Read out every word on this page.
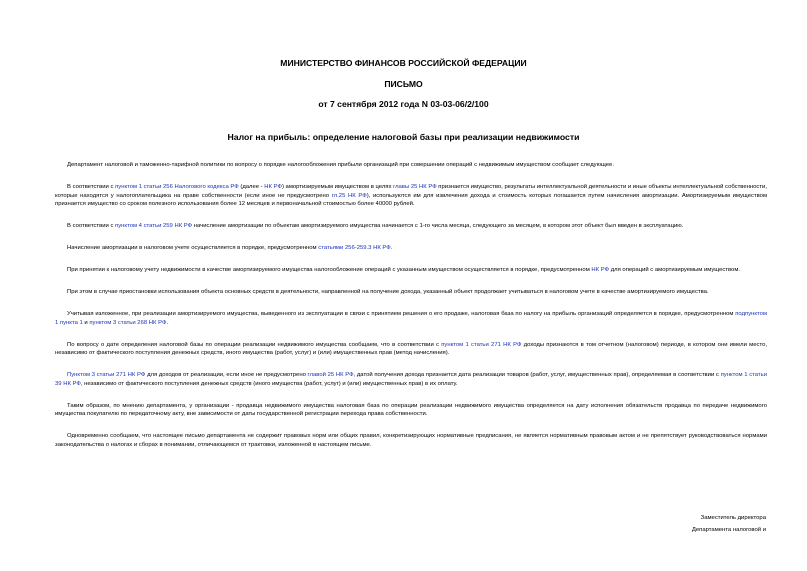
МИНИСТЕРСТВО ФИНАНСОВ РОССИЙСКОЙ ФЕДЕРАЦИИ
ПИСЬМО
от 7 сентября 2012 года N 03-03-06/2/100
Налог на прибыль: определение налоговой базы при реализации недвижимости

Департамент налоговой и таможенно-тарифной политики по вопросу о порядке налогообложения прибыли организаций при совершении операций с недвижимым имуществом сообщает следующее.

В соответствии с пунктом 1 статьи 256 Налогового кодекса РФ (далее - НК РФ) амортизируемым имуществом в целях главы 25 НК РФ признается имущество, результаты интеллектуальной деятельности и иные объекты интеллектуальной собственности, которые находятся у налогоплательщика на праве собственности (если иное не предусмотрено гл.25 НК РФ), используются им для извлечения дохода и стоимость которых погашается путем начисления амортизации. Амортизируемым имуществом признается имущество со сроком полезного использования более 12 месяцев и первоначальной стоимостью более 40000 рублей.

В соответствии с пунктом 4 статьи 259 НК РФ начисление амортизации по объектам амортизируемого имущества начинается с 1-го числа месяца, следующего за месяцем, в котором этот объект был введен в эксплуатацию.

Начисление амортизации в налоговом учете осуществляется в порядке, предусмотренном статьями 256-259.3 НК РФ.

При принятии к налоговому учету недвижимости в качестве амортизируемого имущества налогообложение операций с указанным имуществом осуществляется в порядке, предусмотренном НК РФ для операций с амортизируемым имуществом.

При этом в случае приостановки использования объекта основных средств в деятельности, направленной на получение дохода, указанный объект продолжает учитываться в налоговом учете в качестве амортизируемого имущества.

Учитывая изложенное, при реализации амортизируемого имущества, выведенного из эксплуатации в связи с принятием решения о его продаже, налоговая база по налогу на прибыль организаций определяется в порядке, предусмотренном подпунктом 1 пункта 1 и пунктом 3 статьи 268 НК РФ.

По вопросу о дате определения налоговой базы по операции реализации недвижимого имущества сообщаем, что в соответствии с пунктом 1 статьи 271 НК РФ доходы признаются в том отчетном (налоговом) периоде, в котором они имели место, независимо от фактического поступления денежных средств, иного имущества (работ, услуг) и (или) имущественных прав (метод начисления).

Пунктом 3 статьи 271 НК РФ для доходов от реализации, если иное не предусмотрено главой 25 НК РФ, датой получения дохода признается дата реализации товаров (работ, услуг, имущественных прав), определяемая в соответствии с пунктом 1 статьи 39 НК РФ, независимо от фактического поступления денежных средств (иного имущества (работ, услуг) и (или) имущественных прав) в их оплату.

Таким образом, по мнению департамента, у организации - продавца недвижимого имущества налоговая база по операции реализации недвижимого имущества определяется на дату исполнения обязательств продавца по передаче недвижимого имущества покупателю по передаточному акту, вне зависимости от даты государственной регистрации перехода права собственности.

Одновременно сообщаем, что настоящее письмо департамента не содержит правовых норм или общих правил, конкретизирующих нормативные предписания, не является нормативным правовым актом и не препятствует руководствоваться нормами законодательства о налогах и сборах в понимании, отличающемся от трактовки, изложенной в настоящем письме.

Заместитель директора
Департамента налоговой и
